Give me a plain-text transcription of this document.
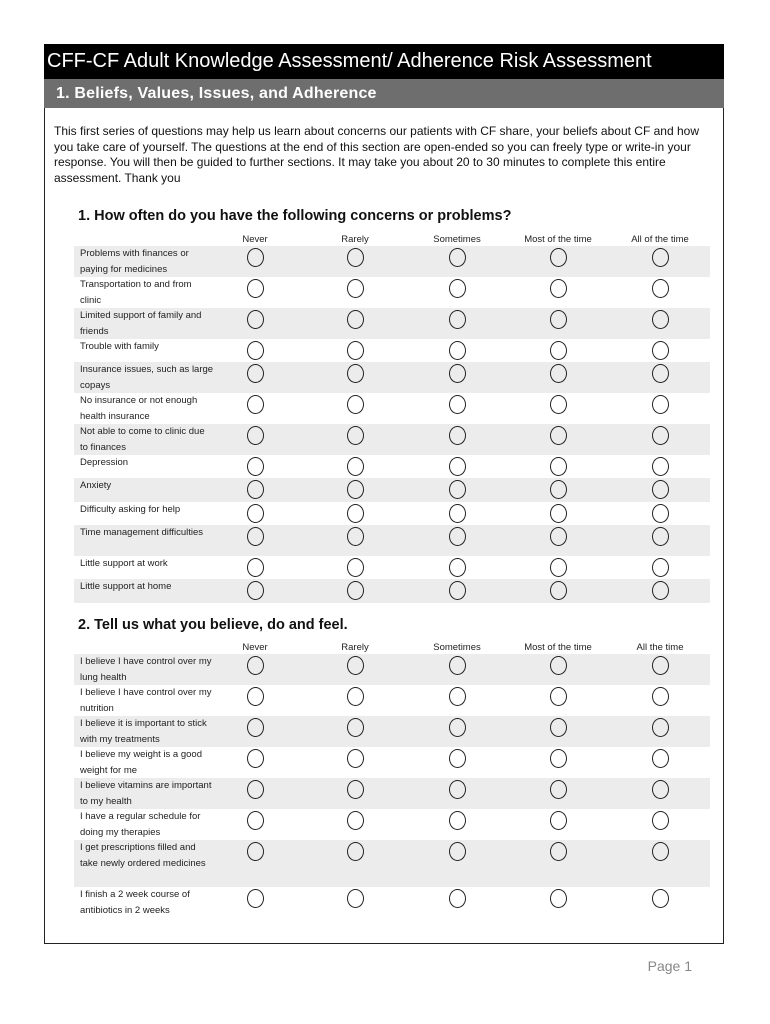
CFF-CF Adult Knowledge Assessment/ Adherence Risk Assessment
1. Beliefs, Values, Issues, and Adherence
This first series of questions may help us learn about concerns our patients with CF share, your beliefs about CF and how you take care of yourself. The questions at the end of this section are open-ended so you can freely type or write-in your response. You will then be guided to further sections. It may take you about 20 to 30 minutes to complete this entire assessment. Thank you
1. How often do you have the following concerns or problems?
Never	Rarely	Sometimes	Most of the time	All of the time
Problems with finances or paying for medicines
Transportation to and from clinic
Limited support of family and friends
Trouble with family
Insurance issues, such as large copays
No insurance or not enough health insurance
Not able to come to clinic due to finances
Depression
Anxiety
Difficulty asking for help
Time management difficulties
Little support at work
Little support at home
2. Tell us what you believe, do and feel.
Never	Rarely	Sometimes	Most of the time	All the time
I believe I have control over my lung health
I believe I have control over my nutrition
I believe it is important to stick with my treatments
I believe my weight is a good weight for me
I believe vitamins are important to my health
I have a regular schedule for doing my therapies
I get prescriptions filled and take newly ordered medicines
I finish a 2 week course of antibiotics in 2 weeks
Page 1
